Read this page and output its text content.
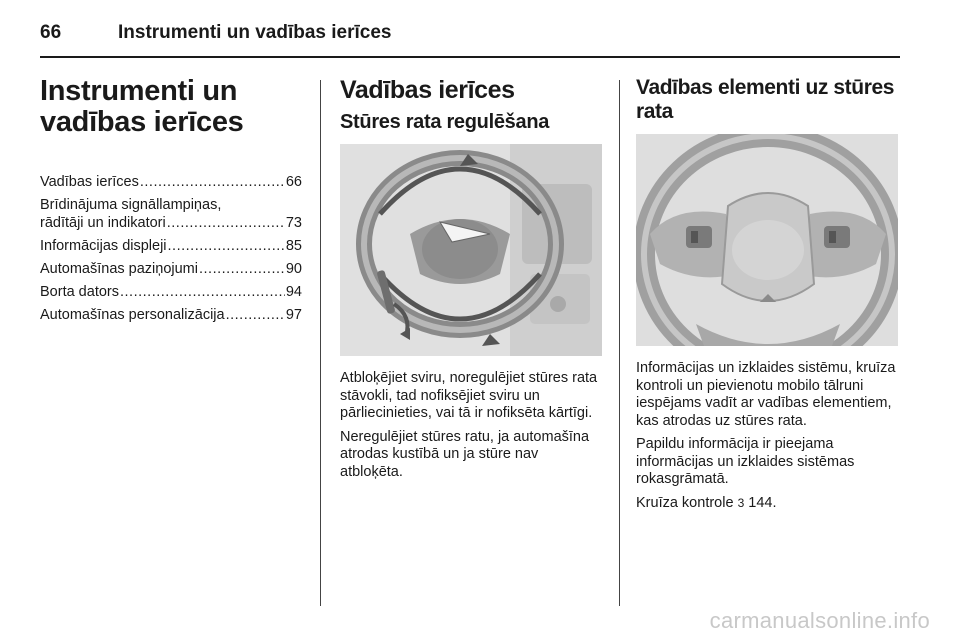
66	Instrumenti un vadības ierīces
Instrumenti un vadības ierīces
Vadības ierīces .....	66
Brīdinājuma signāllampiņas,
rādītāji un indikatori .....	73
Informācijas displeji .....	85
Automašīnas paziņojumi .....	90
Borta dators .....	94
Automašīnas personalizācija .....	97
Vadības ierīces
Stūres rata regulēšana

Atbloķējiet sviru, noregulējiet stūres rata stāvokli, tad nofiksējiet sviru un pārliecinieties, vai tā ir nofiksēta kārtīgi.

Neregulējiet stūres ratu, ja automašīna atrodas kustībā un ja stūre nav atbloķēta.

Vadības elementi uz stūres rata

Informācijas un izklaides sistēmu, kruīza kontroli un pievienotu mobilo tālruni iespējams vadīt ar vadības elementiem, kas atrodas uz stūres rata.

Papildu informācija ir pieejama informācijas un izklaides sistēmas rokasgrāmatā.

Kruīza kontrole 3 144.

carmanualsonline.info
